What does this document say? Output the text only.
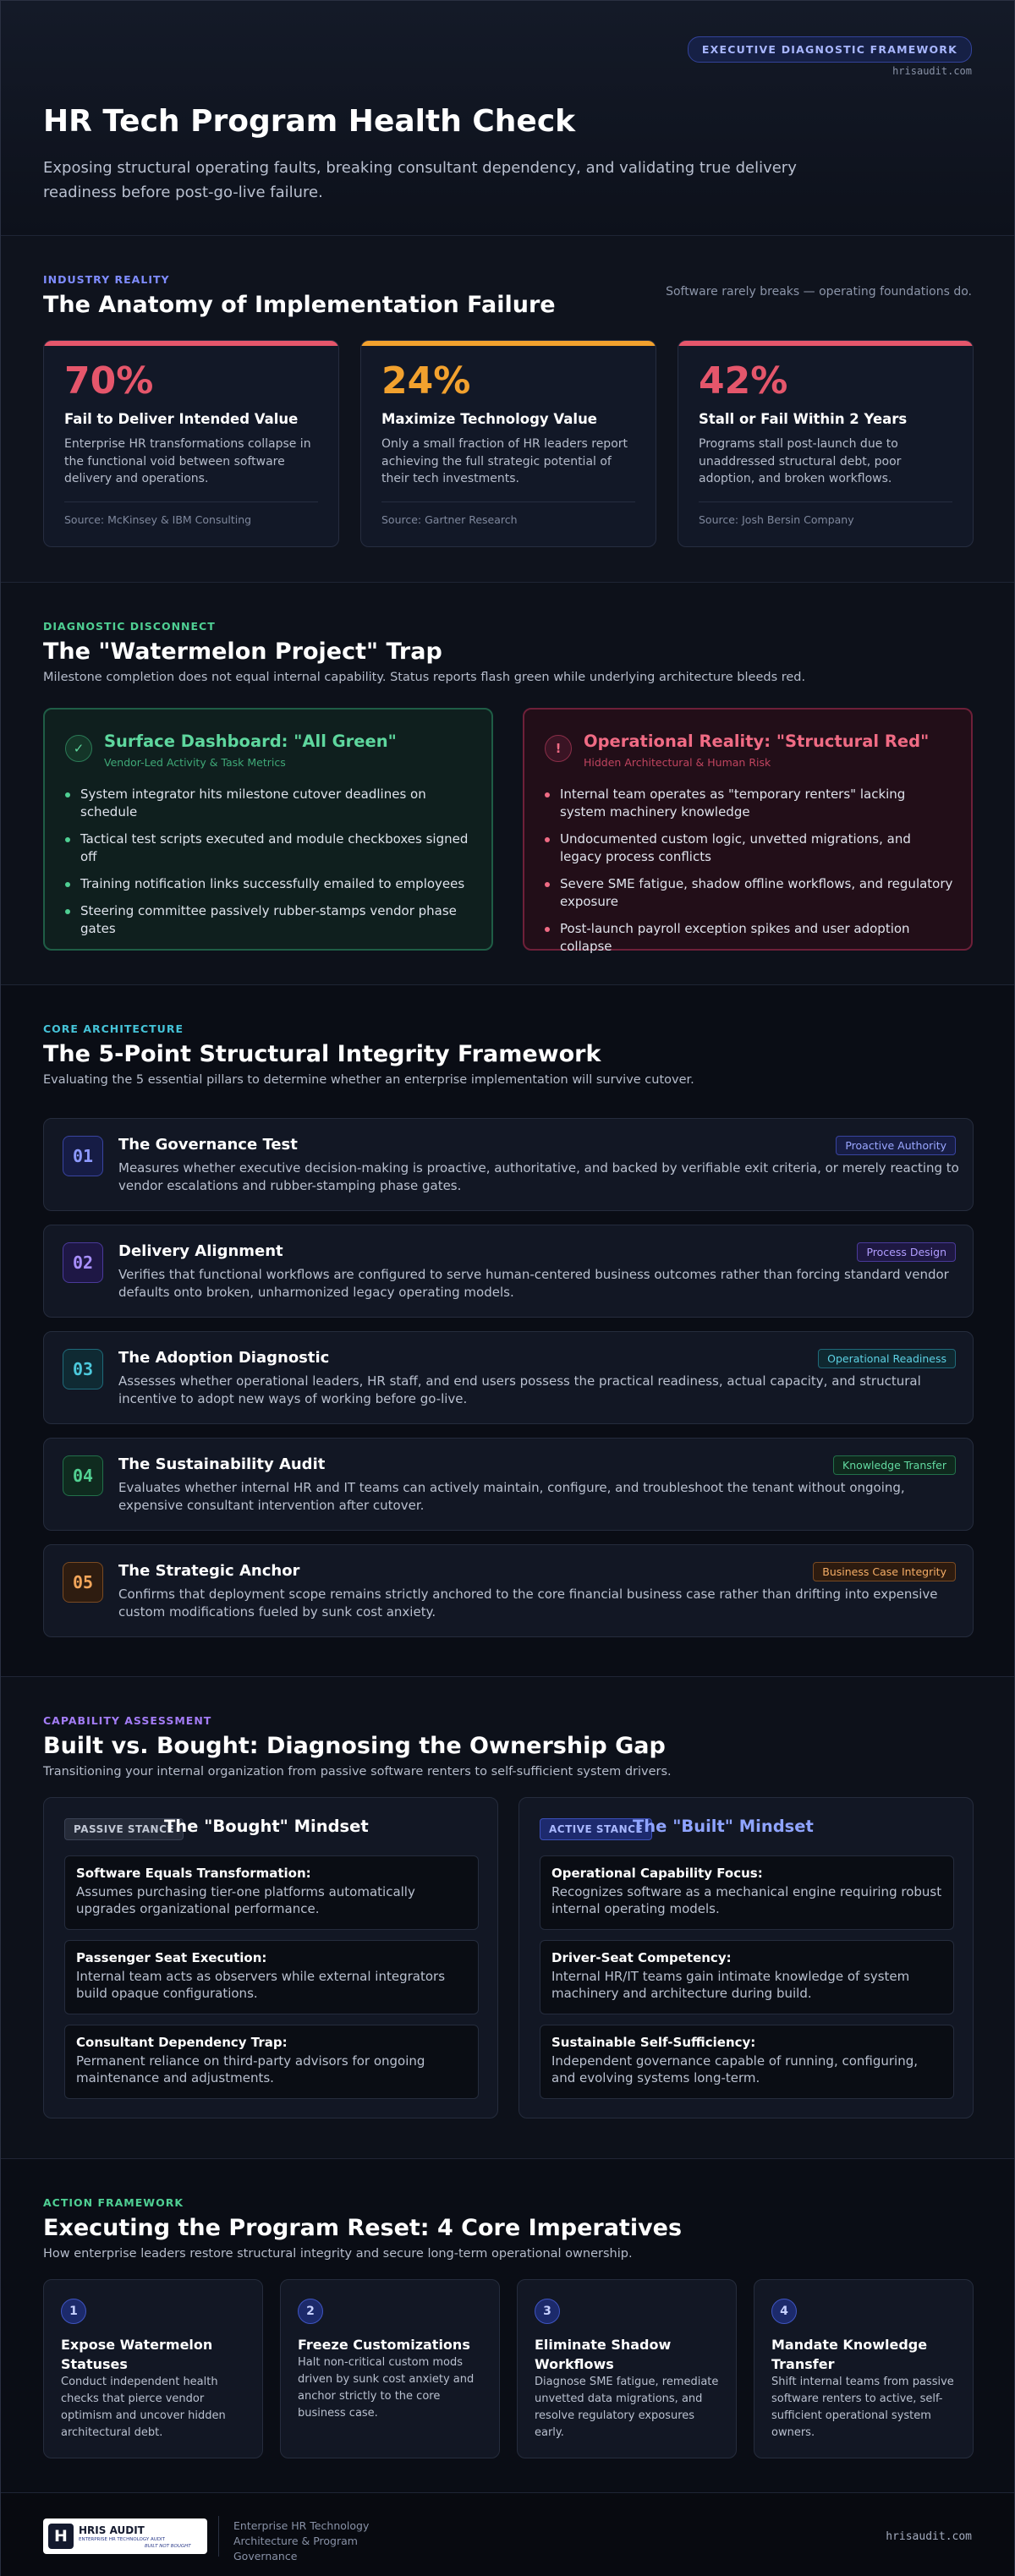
EXECUTIVE DIAGNOSTIC FRAMEWORK
hrisaudit.com
HR Tech Program Health Check

Exposing structural operating faults, breaking consultant dependency, and validating true delivery readiness before post-go-live failure.

INDUSTRY REALITY
The Anatomy of Implementation Failure	Software rarely breaks — operating foundations do.
70%
Fail to Deliver Intended Value
Enterprise HR transformations collapse in the functional void between software delivery and operations.
Source: McKinsey & IBM Consulting
24%
Maximize Technology Value
Only a small fraction of HR leaders report achieving the full strategic potential of their tech investments.
Source: Gartner Research
42%
Stall or Fail Within 2 Years
Programs stall post-launch due to unaddressed structural debt, poor adoption, and broken workflows.
Source: Josh Bersin Company
DIAGNOSTIC DISCONNECT
The "Watermelon Project" Trap

Milestone completion does not equal internal capability. Status reports flash green while underlying architecture bleeds red.

✓	Surface Dashboard: "All Green"
Vendor-Led Activity & Task Metrics
System integrator hits milestone cutover deadlines on schedule
Tactical test scripts executed and module checkboxes signed off
Training notification links successfully emailed to employees
Steering committee passively rubber-stamps vendor phase gates
!	Operational Reality: "Structural Red"
Hidden Architectural & Human Risk
Internal team operates as "temporary renters" lacking system machinery knowledge
Undocumented custom logic, unvetted migrations, and legacy process conflicts
Severe SME fatigue, shadow offline workflows, and regulatory exposure
Post-launch payroll exception spikes and user adoption collapse
CORE ARCHITECTURE
The 5-Point Structural Integrity Framework

Evaluating the 5 essential pillars to determine whether an enterprise implementation will survive cutover.

01
The Governance Test	Proactive Authority
Measures whether executive decision-making is proactive, authoritative, and backed by verifiable exit criteria, or merely reacting to vendor escalations and rubber-stamping phase gates.
02
Delivery Alignment	Process Design
Verifies that functional workflows are configured to serve human-centered business outcomes rather than forcing standard vendor defaults onto broken, unharmonized legacy operating models.
03
The Adoption Diagnostic	Operational Readiness
Assesses whether operational leaders, HR staff, and end users possess the practical readiness, actual capacity, and structural incentive to adopt new ways of working before go-live.
04
The Sustainability Audit	Knowledge Transfer
Evaluates whether internal HR and IT teams can actively maintain, configure, and troubleshoot the tenant without ongoing, expensive consultant intervention after cutover.
05
The Strategic Anchor	Business Case Integrity
Confirms that deployment scope remains strictly anchored to the core financial business case rather than drifting into expensive custom modifications fueled by sunk cost anxiety.
CAPABILITY ASSESSMENT
Built vs. Bought: Diagnosing the Ownership Gap

Transitioning your internal organization from passive software renters to self-sufficient system drivers.

PASSIVE STANCE
The "Bought" Mindset
Software Equals Transformation:
Assumes purchasing tier-one platforms automatically upgrades organizational performance.
Passenger Seat Execution:
Internal team acts as observers while external integrators build opaque configurations.
Consultant Dependency Trap:
Permanent reliance on third-party advisors for ongoing maintenance and adjustments.
ACTIVE STANCE
The "Built" Mindset
Operational Capability Focus:
Recognizes software as a mechanical engine requiring robust internal operating models.
Driver-Seat Competency:
Internal HR/IT teams gain intimate knowledge of system machinery and architecture during build.
Sustainable Self-Sufficiency:
Independent governance capable of running, configuring, and evolving systems long-term.
ACTION FRAMEWORK
Executing the Program Reset: 4 Core Imperatives

How enterprise leaders restore structural integrity and secure long-term operational ownership.

1
Expose Watermelon Statuses
Conduct independent health checks that pierce vendor optimism and uncover hidden architectural debt.
2
Freeze Customizations
Halt non-critical custom mods driven by sunk cost anxiety and anchor strictly to the core business case.
3
Eliminate Shadow Workflows
Diagnose SME fatigue, remediate unvetted data migrations, and resolve regulatory exposures early.
4
Mandate Knowledge Transfer
Shift internal teams from passive software renters to active, self-sufficient operational system owners.
H	HRIS AUDIT
ENTERPRISE HR TECHNOLOGY AUDIT
BUILT NOT BOUGHT
Enterprise HR Technology Architecture & Program Governance
hrisaudit.com
